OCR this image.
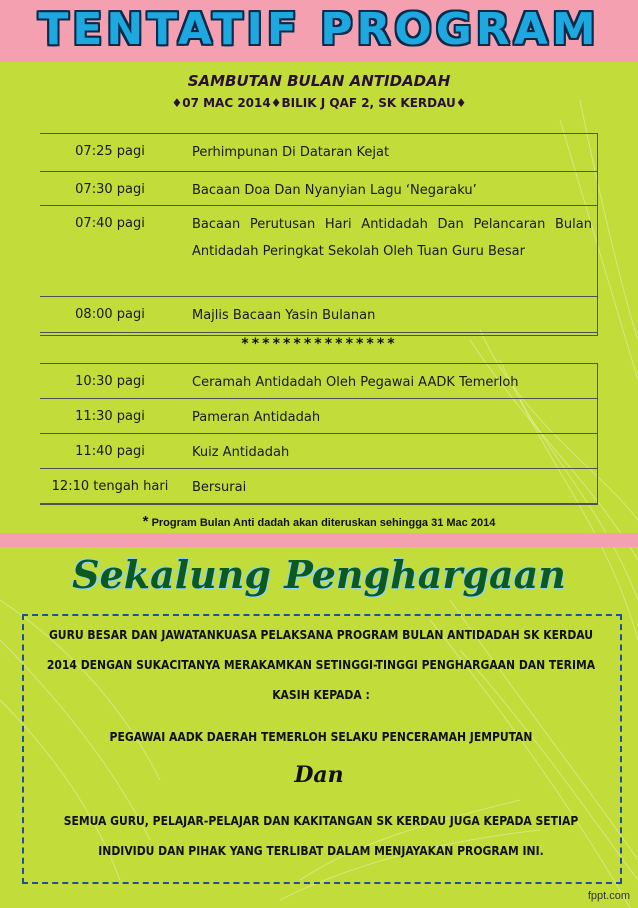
TENTATIF PROGRAM
SAMBUTAN BULAN ANTIDADAH
♦07 MAC 2014♦BILIK J QAF 2, SK KERDAU♦
07:25 pagi	Perhimpunan Di Dataran Kejat
07:30 pagi	Bacaan Doa Dan Nyanyian Lagu ‘Negaraku’
07:40 pagi	Bacaan Perutusan Hari Antidadah Dan Pelancaran Bulan Antidadah Peringkat Sekolah Oleh Tuan Guru Besar
08:00 pagi	Majlis Bacaan Yasin Bulanan
***************
10:30 pagi	Ceramah Antidadah Oleh Pegawai AADK Temerloh
11:30 pagi	Pameran Antidadah
11:40 pagi	Kuiz Antidadah
12:10 tengah hari	Bersurai
* Program Bulan Anti dadah akan diteruskan sehingga 31 Mac 2014
Sekalung Penghargaan
GURU BESAR DAN JAWATANKUASA PELAKSANA PROGRAM BULAN ANTIDADAH SK KERDAU
2014 DENGAN SUKACITANYA MERAKAMKAN SETINGGI-TINGGI PENGHARGAAN DAN TERIMA
KASIH KEPADA :
PEGAWAI AADK DAERAH TEMERLOH SELAKU PENCERAMAH JEMPUTAN
Dan
SEMUA GURU, PELAJAR-PELAJAR DAN KAKITANGAN SK KERDAU JUGA KEPADA SETIAP
INDIVIDU DAN PIHAK YANG TERLIBAT DALAM MENJAYAKAN PROGRAM INI.
fppt.com
